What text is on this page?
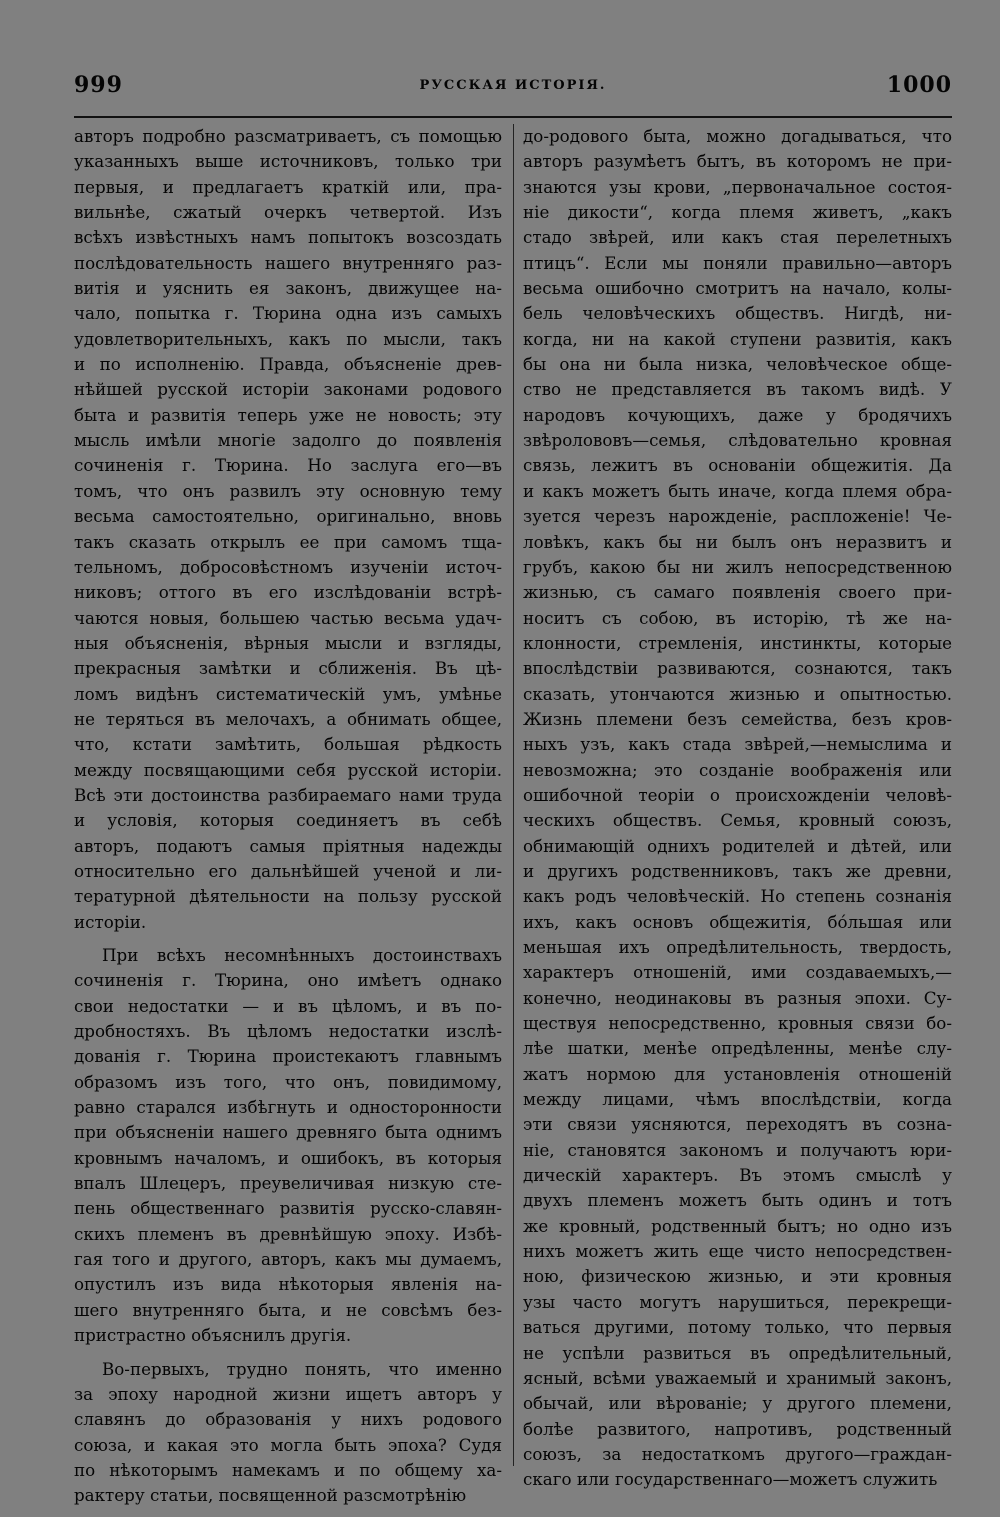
999	РУССКАЯ ИСТОРІЯ.	1000

авторъ подробно разсматриваетъ, съ помощью
указанныхъ выше источниковъ, только три
первыя, и предлагаетъ краткій или, пра-
вильнѣе, сжатый очеркъ четвертой. Изъ
всѣхъ извѣстныхъ намъ попытокъ возсоздать
послѣдовательность нашего внутренняго раз-
витія и уяснить ея законъ, движущее на-
чало, попытка г. Тюрина одна изъ самыхъ
удовлетворительныхъ, какъ по мысли, такъ
и по исполненію. Правда, объясненіе древ-
нѣйшей русской исторіи законами родового
быта и развитія теперь уже не новость; эту
мысль имѣли многіе задолго до появленія
сочиненія г. Тюрина. Но заслуга его—въ
томъ, что онъ развилъ эту основную тему
весьма самостоятельно, оригинально, вновь
такъ сказать открылъ ее при самомъ тща-
тельномъ, добросовѣстномъ изученіи источ-
никовъ; оттого въ его изслѣдованіи встрѣ-
чаются новыя, большею частью весьма удач-
ныя объясненія, вѣрныя мысли и взгляды,
прекрасныя замѣтки и сближенія. Въ цѣ-
ломъ видѣнъ систематическій умъ, умѣнье
не теряться въ мелочахъ, а обнимать общее,
что, кстати замѣтить, большая рѣдкость
между посвящающими себя русской исторіи.
Всѣ эти достоинства разбираемаго нами труда
и условія, которыя соединяетъ въ себѣ
авторъ, подаютъ самыя пріятныя надежды
относительно его дальнѣйшей ученой и ли-
тературной дѣятельности на пользу русской
исторіи.

При всѣхъ несомнѣнныхъ достоинствахъ
сочиненія г. Тюрина, оно имѣетъ однако
свои недостатки — и въ цѣломъ, и въ по-
дробностяхъ. Въ цѣломъ недостатки изслѣ-
дованія г. Тюрина проистекаютъ главнымъ
образомъ изъ того, что онъ, повидимому,
равно старался избѣгнуть и односторонности
при объясненіи нашего древняго быта однимъ
кровнымъ началомъ, и ошибокъ, въ которыя
впалъ Шлецеръ, преувеличивая низкую сте-
пень общественнаго развитія русско-славян-
скихъ племенъ въ древнѣйшую эпоху. Избѣ-
гая того и другого, авторъ, какъ мы думаемъ,
опустилъ изъ вида нѣкоторыя явленія на-
шего внутренняго быта, и не совсѣмъ без-
пристрастно объяснилъ другія.

Во-первыхъ, трудно понять, что именно
за эпоху народной жизни ищетъ авторъ у
славянъ до образованія у нихъ родового
союза, и какая это могла быть эпоха? Судя
по нѣкоторымъ намекамъ и по общему ха-
рактеру статьи, посвященной разсмотрѣнію

до-родового быта, можно догадываться, что
авторъ разумѣетъ бытъ, въ которомъ не при-
знаются узы крови, „первоначальное состоя-
ніе дикости“, когда племя живетъ, „какъ
стадо звѣрей, или какъ стая перелетныхъ
птицъ“. Если мы поняли правильно—авторъ
весьма ошибочно смотритъ на начало, колы-
бель человѣческихъ обществъ. Нигдѣ, ни-
когда, ни на какой ступени развитія, какъ
бы она ни была низка, человѣческое обще-
ство не представляется въ такомъ видѣ. У
народовъ кочующихъ, даже у бродячихъ
звѣролововъ—семья, слѣдовательно кровная
связь, лежитъ въ основаніи общежитія. Да
и какъ можетъ быть иначе, когда племя обра-
зуется черезъ нарожденіе, распложеніе! Че-
ловѣкъ, какъ бы ни былъ онъ неразвитъ и
грубъ, какою бы ни жилъ непосредственною
жизнью, съ самаго появленія своего при-
носитъ съ собою, въ исторію, тѣ же на-
клонности, стремленія, инстинкты, которые
впослѣдствіи развиваются, сознаются, такъ
сказать, утончаются жизнью и опытностью.
Жизнь племени безъ семейства, безъ кров-
ныхъ узъ, какъ стада звѣрей,—немыслима и
невозможна; это созданіе воображенія или
ошибочной теоріи о происхожденіи человѣ-
ческихъ обществъ. Семья, кровный союзъ,
обнимающій однихъ родителей и дѣтей, или
и другихъ родственниковъ, такъ же древни,
какъ родъ человѣческій. Но степень сознанія
ихъ, какъ основъ общежитія, бо́льшая или
меньшая ихъ опредѣлительность, твердость,
характеръ отношеній, ими создаваемыхъ,—
конечно, неодинаковы въ разныя эпохи. Су-
ществуя непосредственно, кровныя связи бо-
лѣе шатки, менѣе опредѣленны, менѣе слу-
жатъ нормою для установленія отношеній
между лицами, чѣмъ впослѣдствіи, когда
эти связи уясняются, переходятъ въ созна-
ніе, становятся закономъ и получаютъ юри-
дическій характеръ. Въ этомъ смыслѣ у
двухъ племенъ можетъ быть одинъ и тотъ
же кровный, родственный бытъ; но одно изъ
нихъ можетъ жить еще чисто непосредствен-
ною, физическою жизнью, и эти кровныя
узы часто могутъ нарушиться, перекрещи-
ваться другими, потому только, что первыя
не успѣли развиться въ опредѣлительный,
ясный, всѣми уважаемый и хранимый законъ,
обычай, или вѣрованіе; у другого племени,
болѣе развитого, напротивъ, родственный
союзъ, за недостаткомъ другого—граждан-
скаго или государственнаго—можетъ служить
